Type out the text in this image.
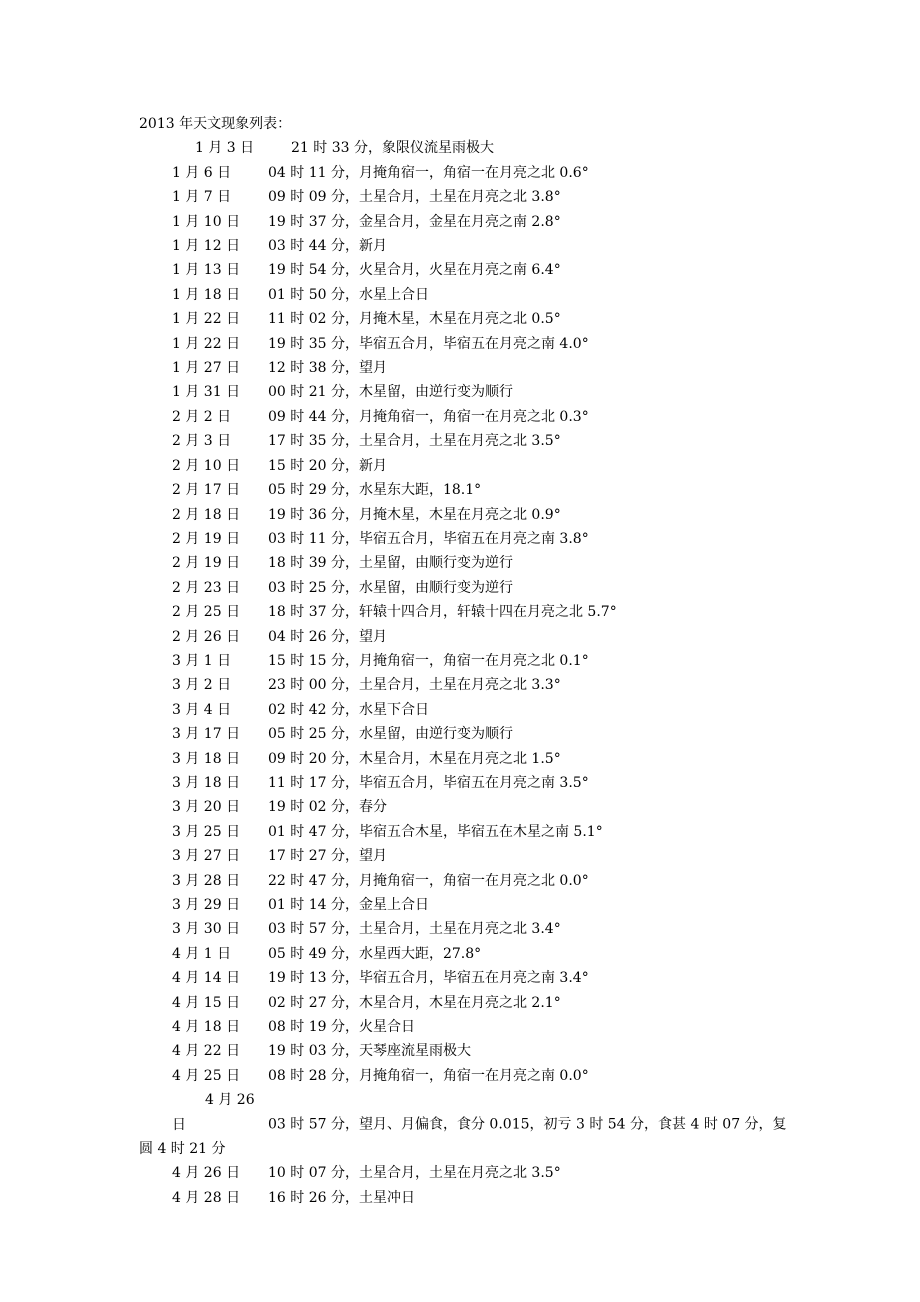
2013 年天文现象列表：
1 月 3 日	21 时 33 分，象限仪流星雨极大
1 月 6 日	04 时 11 分，月掩角宿一，角宿一在月亮之北 0.6°
1 月 7 日	09 时 09 分，土星合月，土星在月亮之北 3.8°
1 月 10 日 19 时 37 分，金星合月，金星在月亮之南 2.8°
1 月 12 日 03 时 44 分，新月
1 月 13 日 19 时 54 分，火星合月，火星在月亮之南 6.4°
1 月 18 日 01 时 50 分，水星上合日
1 月 22 日 11 时 02 分，月掩木星，木星在月亮之北 0.5°
1 月 22 日 19 时 35 分，毕宿五合月，毕宿五在月亮之南 4.0°
1 月 27 日 12 时 38 分，望月
1 月 31 日 00 时 21 分，木星留，由逆行变为顺行
2 月 2 日	09 时 44 分，月掩角宿一，角宿一在月亮之北 0.3°
2 月 3 日	17 时 35 分，土星合月，土星在月亮之北 3.5°
2 月 10 日 15 时 20 分，新月
2 月 17 日 05 时 29 分，水星东大距，18.1°
2 月 18 日 19 时 36 分，月掩木星，木星在月亮之北 0.9°
2 月 19 日 03 时 11 分，毕宿五合月，毕宿五在月亮之南 3.8°
2 月 19 日 18 时 39 分，土星留，由顺行变为逆行
2 月 23 日 03 时 25 分，水星留，由顺行变为逆行
2 月 25 日 18 时 37 分，轩辕十四合月，轩辕十四在月亮之北 5.7°
2 月 26 日 04 时 26 分，望月
3 月 1 日	15 时 15 分，月掩角宿一，角宿一在月亮之北 0.1°
3 月 2 日	23 时 00 分，土星合月，土星在月亮之北 3.3°
3 月 4 日	02 时 42 分，水星下合日
3 月 17 日 05 时 25 分，水星留，由逆行变为顺行
3 月 18 日 09 时 20 分，木星合月，木星在月亮之北 1.5°
3 月 18 日 11 时 17 分，毕宿五合月，毕宿五在月亮之南 3.5°
3 月 20 日 19 时 02 分，春分
3 月 25 日 01 时 47 分，毕宿五合木星，毕宿五在木星之南 5.1°
3 月 27 日 17 时 27 分，望月
3 月 28 日 22 时 47 分，月掩角宿一，角宿一在月亮之北 0.0°
3 月 29 日 01 时 14 分，金星上合日
3 月 30 日 03 时 57 分，土星合月，土星在月亮之北 3.4°
4 月 1 日	05 时 49 分，水星西大距，27.8°
4 月 14 日 19 时 13 分，毕宿五合月，毕宿五在月亮之南 3.4°
4 月 15 日 02 时 27 分，木星合月，木星在月亮之北 2.1°
4 月 18 日 08 时 19 分，火星合日
4 月 22 日 19 时 03 分，天琴座流星雨极大
4 月 25 日 08 时 28 分，月掩角宿一，角宿一在月亮之南 0.0°
4 月 26 日	03 时 57 分，望月、月偏食，食分 0.015，初亏 3 时 54 分，食甚 4 时 07 分，复圆 4 时 21 分
4 月 26 日 10 时 07 分，土星合月，土星在月亮之北 3.5°
4 月 28 日 16 时 26 分，土星冲日
